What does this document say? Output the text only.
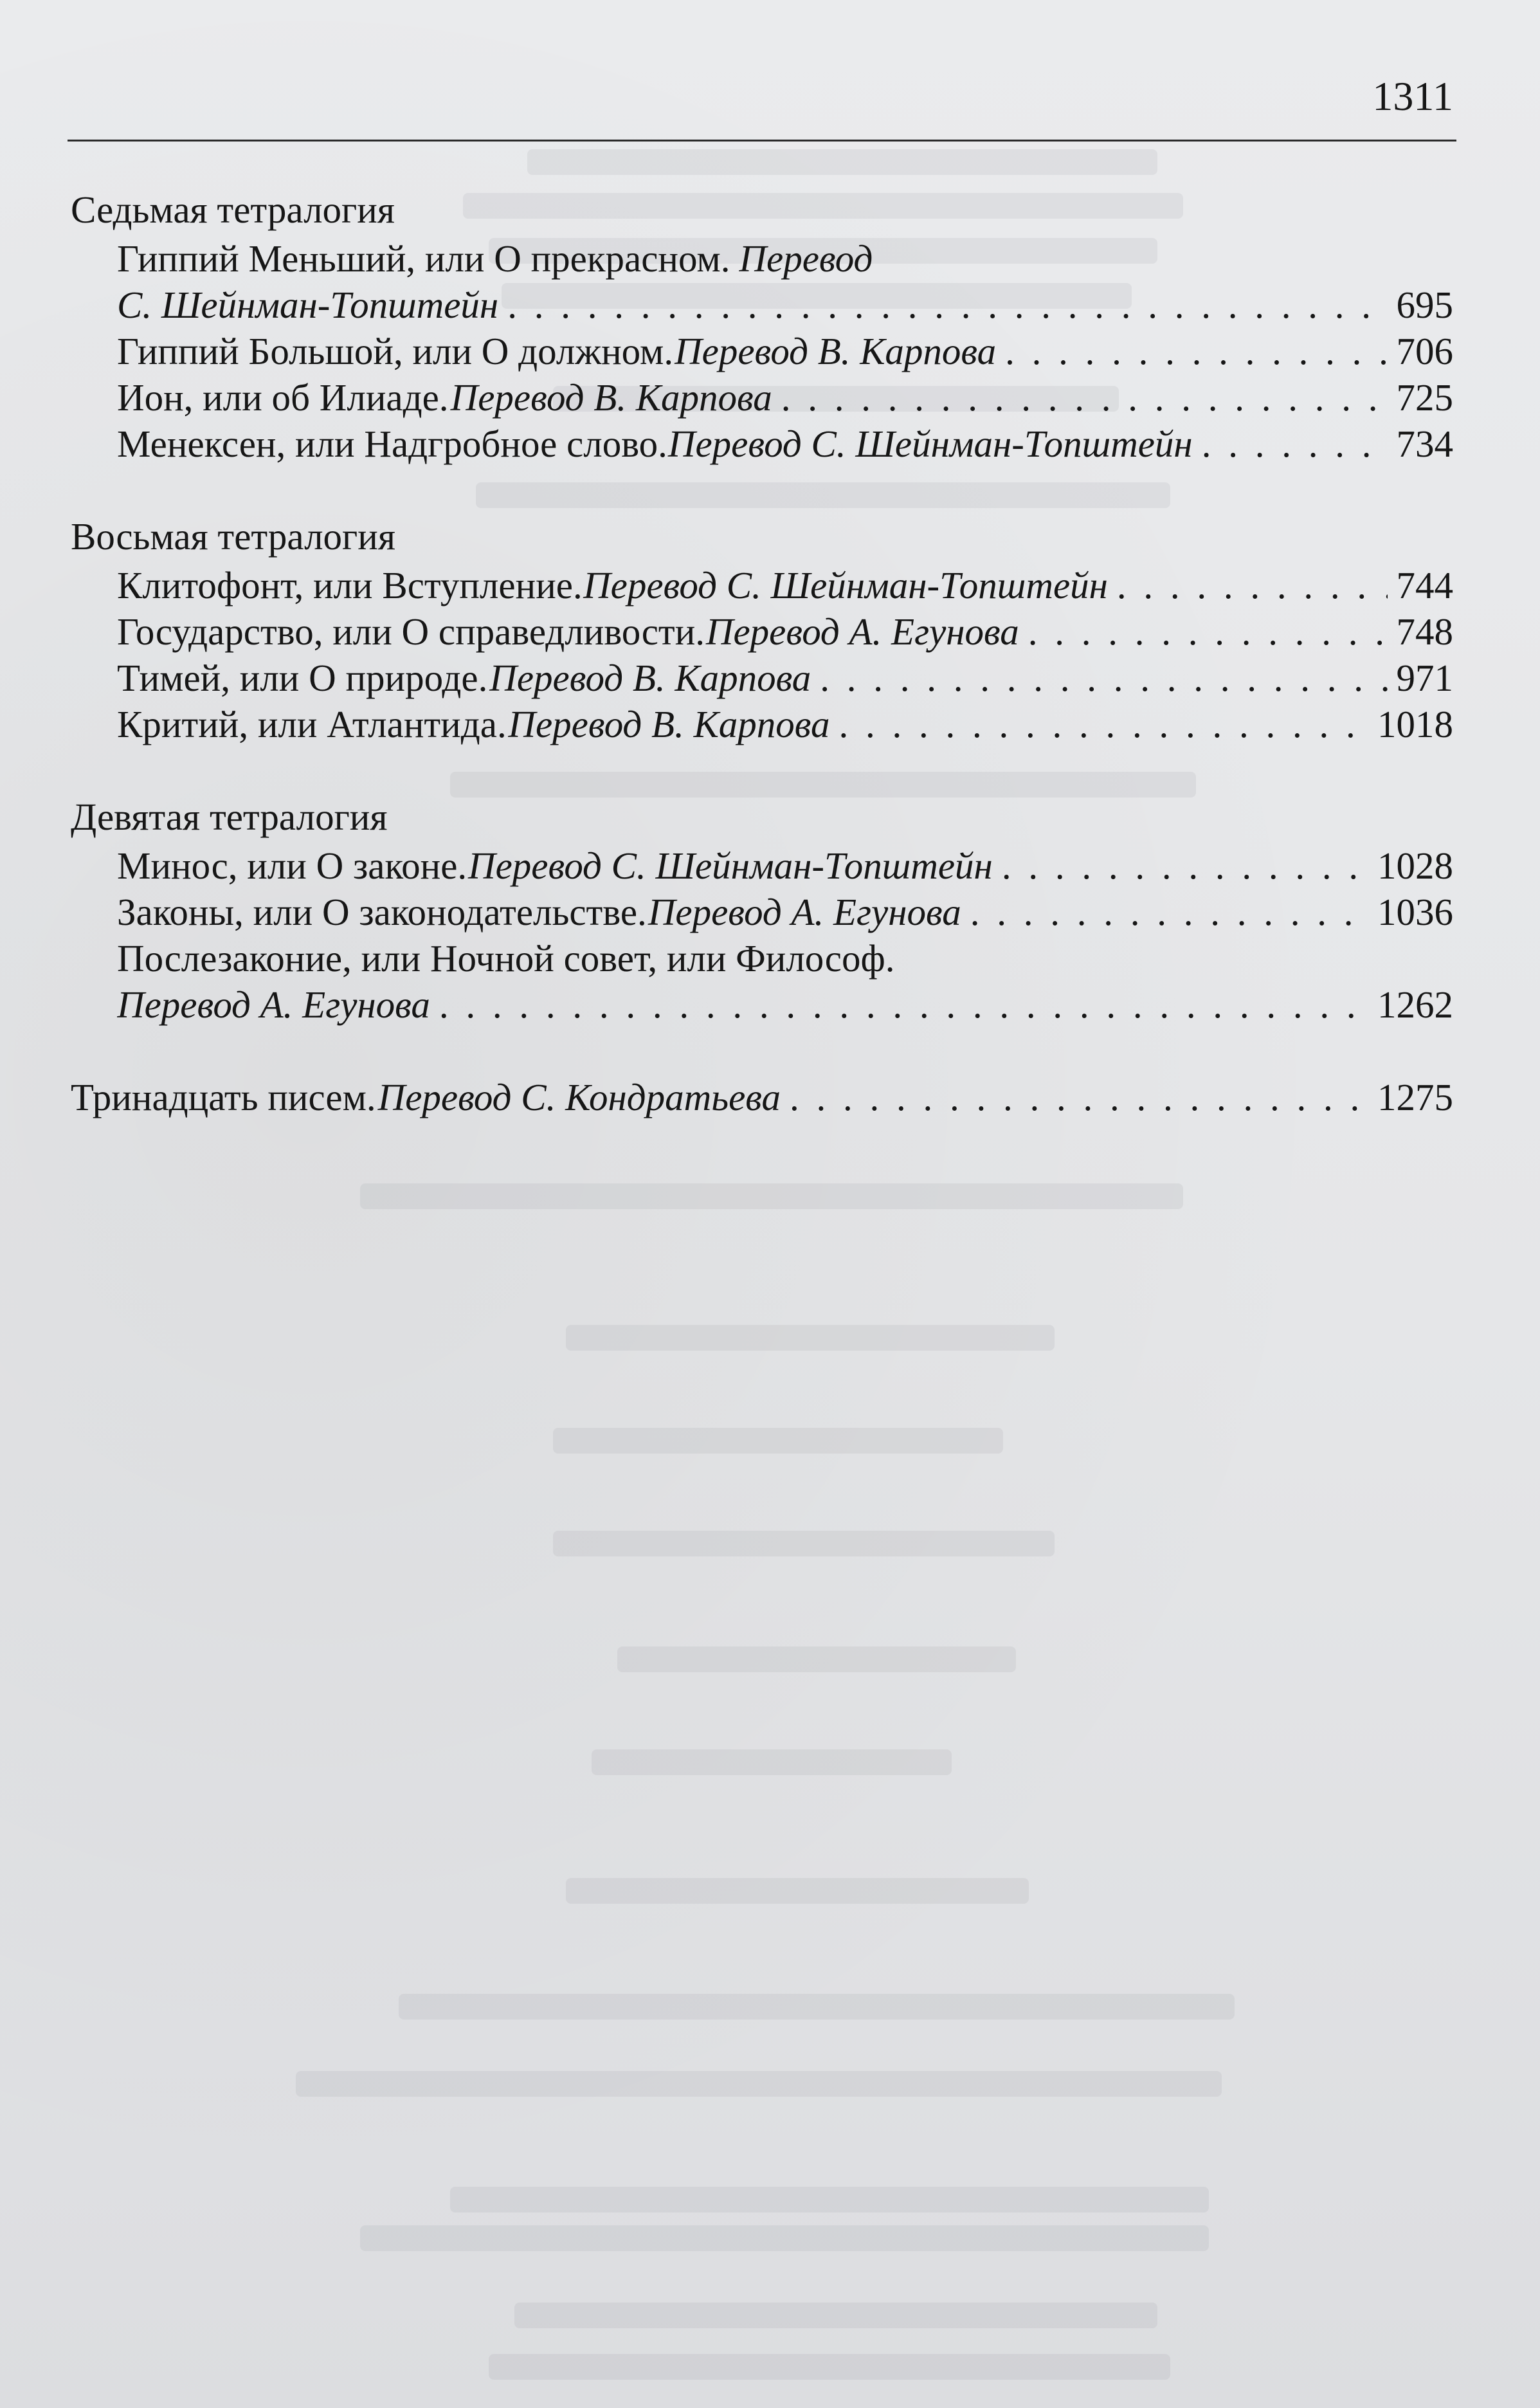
1311
Седьмая тетралогия
Гиппий Меньший, или О прекрасном. Перевод
С. Шейнман-Топштейн . . .	695
Гиппий Большой, или О должном. Перевод В. Карпова . . .	706
Ион, или об Илиаде. Перевод В. Карпова . . .	725
Менексен, или Надгробное слово. Перевод С. Шейнман-Топштейн . . .	734
Восьмая тетралогия
Клитофонт, или Вступление. Перевод С. Шейнман-Топштейн . . .	744
Государство, или О справедливости. Перевод А. Егунова . . .	748
Тимей, или О природе. Перевод В. Карпова . . .	971
Критий, или Атлантида. Перевод В. Карпова . . .	1018
Девятая тетралогия
Минос, или О законе. Перевод С. Шейнман-Топштейн . . .	1028
Законы, или О законодательстве. Перевод А. Егунова . . .	1036
Послезаконие, или Ночной совет, или Философ.
Перевод А. Егунова . . .	1262
Тринадцать писем. Перевод С. Кондратьева . . .	1275
